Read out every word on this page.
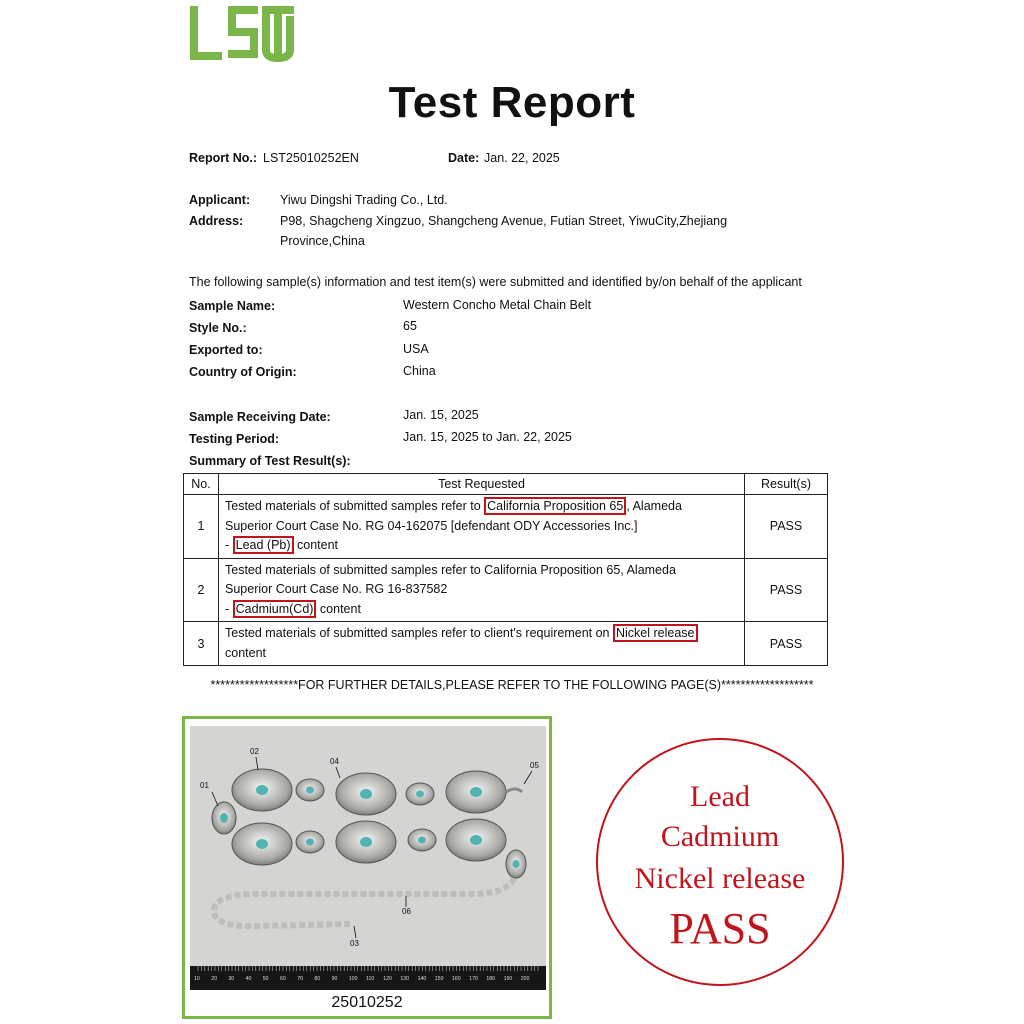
Test Report
Report No.: LST25010252EN	Date: Jan. 22, 2025
Applicant: Yiwu Dingshi Trading Co., Ltd.
Address:	P98, Shagcheng Xingzuo, Shangcheng Avenue, Futian Street, YiwuCity,Zhejiang
Province,China
The following sample(s) information and test item(s) were submitted and identified by/on behalf of the applicant
Sample Name:	Western Concho Metal Chain Belt
Style No.:	65
Exported to:	USA
Country of Origin:	China
Sample Receiving Date:	Jan. 15, 2025
Testing Period:	Jan. 15, 2025 to Jan. 22, 2025
Summary of Test Result(s):
No.	Test Requested	Result(s)
1	Tested materials of submitted samples refer to California Proposition 65 , Alameda
Superior Court Case No. RG 04-162075 [defendant ODY Accessories Inc.]
- Lead (Pb) content	PASS
2	Tested materials of submitted samples refer to California Proposition 65, Alameda
Superior Court Case No. RG 16-837582
- Cadmium(Cd) content	PASS
3	Tested materials of submitted samples refer to client's requirement on Nickel release
content	PASS
******************FOR FURTHER DETAILS,PLEASE REFER TO THE FOLLOWING PAGE(S)*******************
01
02
03
04	05
06
10 20 30 40 50 60 70 80 90 100 110 120 130 140 150 160 170 180 190 200
25010252
Lead
Cadmium
Nickel release
PASS
